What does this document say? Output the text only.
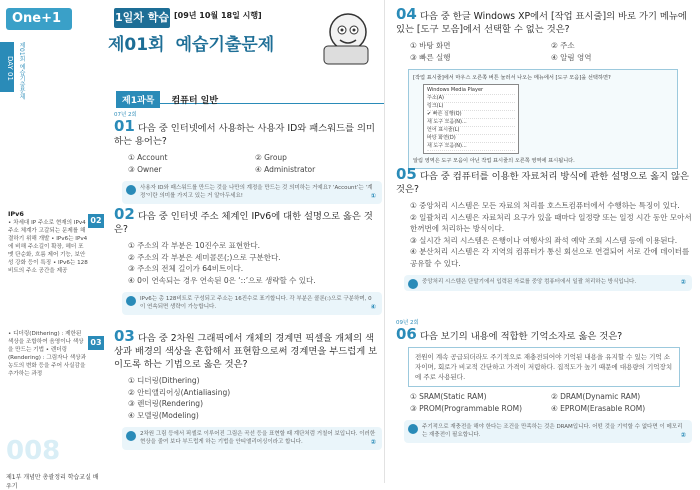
One+1
DAY 01 제01회 예습기출문제
IPv6
• 차세대 IP 주소로 현재의 IPv4 주소 체계가 고갈되는 문제를 해결하기 위해 개발 • IPv6는 IPv4에 비해 주소길이 확장, 헤더 포맷 단순화, 흐름 제어 기능, 보안성 강화 등이 특징 • IPv6는 128비트의 주소 공간을 제공
• 디더링(Dithering) : 제한된 색상을 조합하여 음영이나 색상을 만드는 기법 • 렌더링(Rendering) : 그림자나 색상과 농도의 변화 등을 주어 사실감을 추가하는 과정
008
제1부 개념만 총괄정리 학습교실 배우기
02
03
1일차 학습 [09년 10월 18일 시행]
제01회 예습기출문제
제1과목 컴퓨터 일반
07년 2회
01 다음 중 인터넷에서 사용하는 사용자 ID와 패스워드를 의미하는 용어는?
① Account	② Group
③ Owner	④ Administrator
사용자 ID와 패스워드를 만드는 것을 나만의 계정을 만드는 것 의미하는 거예요? ‘Account’는 ‘계정’이란 의미를 가지고 있는 거 알아두세요!	①
02 다음 중 인터넷 주소 체계인 IPv6에 대한 설명으로 옳은 것은?
① 주소의 각 부분은 10진수로 표현한다.
② 주소의 각 부분은 세미콜론(;)으로 구분한다.
③ 주소의 전체 길이가 64비트이다.
④ 0이 연속되는 경우 연속된 0은 ‘::’으로 생략할 수 있다.
IPv6는 총 128비트로 구성되고 주소는 16진수로 표기합니다. 각 부분은 콜론(:)으로 구분하며, 0이 연속되면 생략이 가능합니다.	④
03 다음 중 2차원 그래픽에서 개체의 경계면 픽셀을 개체의 색상과 배경의 색상을 혼합해서 표현함으로써 경계면을 부드럽게 보이도록 하는 기법으로 옳은 것은?
① 디더링(Dithering)
② 안티앨리어싱(Antialiasing)
③ 렌더링(Rendering)
④ 모델링(Modeling)
2차원 그림 등에서 픽셀로 이루어진 그림은 곡선 등을 표현할 때 계단처럼 거칠어 보입니다. 이러한 현상을 줄여 보다 부드럽게 하는 기법을 안티앨리어싱이라고 합니다.	②
04 다음 중 한글 Windows XP에서 [작업 표시줄]의 바로 가기 메뉴에 있는 [도구 모음]에서 선택할 수 없는 것은?
① 바탕 화면	② 주소
③ 빠른 실행	④ 알림 영역
[작업 표시줄]에서 마우스 오른쪽 버튼 눌러서 나오는 메뉴에서 [도구 모음]을 선택하면?
Windows Media Player
주소(A)
링크(L)
✔ 빠른 실행(Q)
새 도구 모음(N)...
언어 표시줄(L)
바탕 화면(D)
새 도구 모음(N)...
알림 영역은 도구 모음이 아닌 작업 표시줄의 오른쪽 영역에 표시됩니다.
05 다음 중 컴퓨터를 이용한 자료처리 방식에 관한 설명으로 옳지 않은 것은?
① 중앙처리 시스템은 모든 자료의 처리를 호스트컴퓨터에서 수행하는 특징이 있다.
② 일괄처리 시스템은 자료처리 요구가 있을 때마다 일정량 또는 일정 시간 동안 모아서 한꺼번에 처리하는 방식이다.
③ 실시간 처리 시스템은 은행이나 여행사의 좌석 예약 조회 시스템 등에 이용된다.
④ 분산처리 시스템은 각 지역의 컴퓨터가 통신 회선으로 연결되어 서로 간에 데이터를 공유할 수 있다.
중앙처리 시스템은 단말기에서 입력된 자료를 중앙 컴퓨터에서 일괄 처리하는 방식입니다.	②
09년 2회
06 다음 보기의 내용에 적합한 기억소자로 옳은 것은?
전원이 계속 공급되더라도 주기적으로 재충전되어야 기억된 내용을 유지할 수 있는 기억 소자이며, 회로가 비교적 간단하고 가격이 저렴하다. 집적도가 높기 때문에 대용량의 기억장치에 주로 사용된다.
① SRAM(Static RAM)	② DRAM(Dynamic RAM)
③ PROM(Programmable ROM)	④ EPROM(Erasable ROM)
주기적으로 재충전을 해야 한다는 조건을 만족하는 것은 DRAM입니다. 어떤 것을 기억할 수 없다면 이 메모리는 재충전이 필요합니다.	②
